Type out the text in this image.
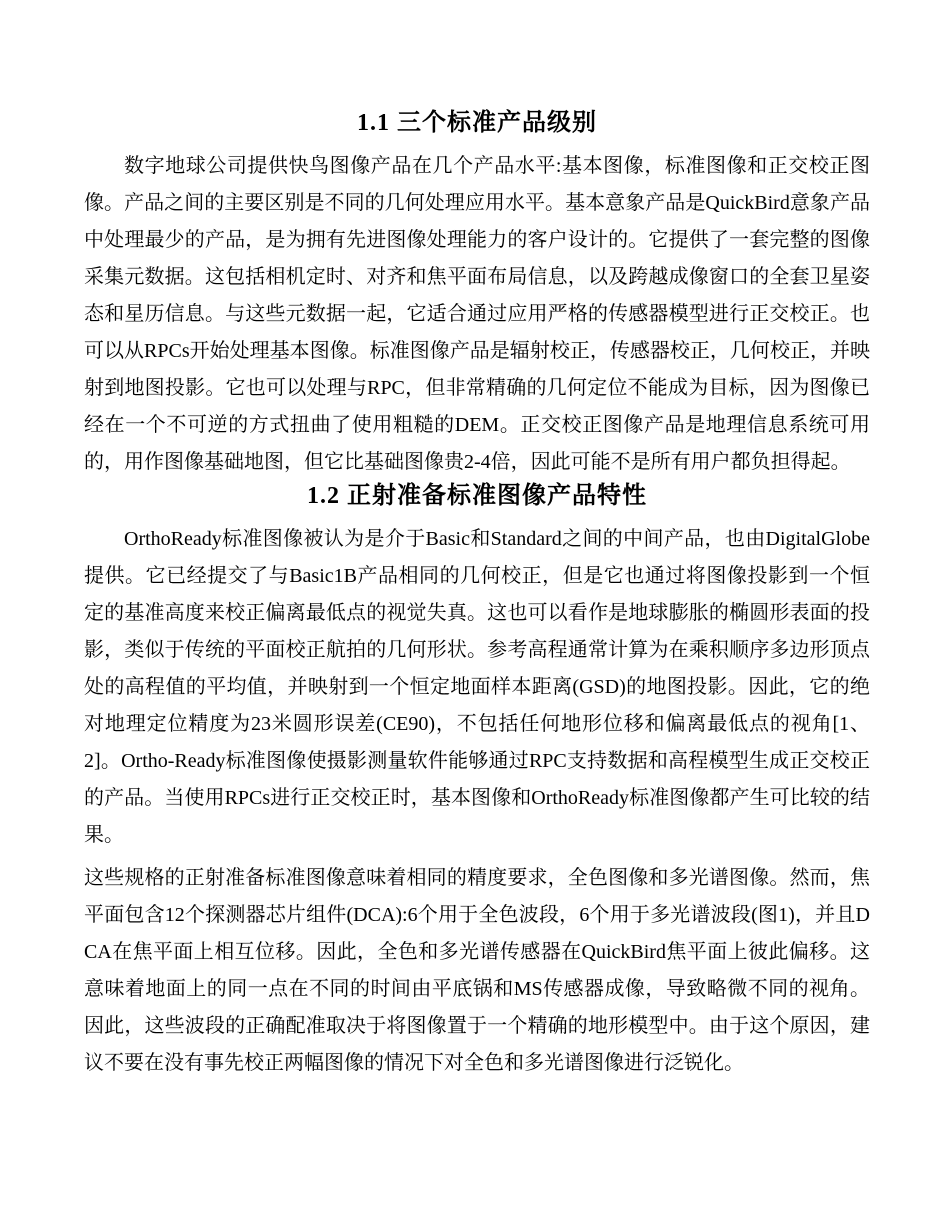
1.1 三个标准产品级别

数字地球公司提供快鸟图像产品在几个产品水平:基本图像，标准图像和正交校正图像。产品之间的主要区别是不同的几何处理应用水平。基本意象产品是QuickBird意象产品中处理最少的产品，是为拥有先进图像处理能力的客户设计的。它提供了一套完整的图像采集元数据。这包括相机定时、对齐和焦平面布局信息，以及跨越成像窗口的全套卫星姿态和星历信息。与这些元数据一起，它适合通过应用严格的传感器模型进行正交校正。也可以从RPCs开始处理基本图像。标准图像产品是辐射校正，传感器校正，几何校正，并映射到地图投影。它也可以处理与RPC，但非常精确的几何定位不能成为目标，因为图像已经在一个不可逆的方式扭曲了使用粗糙的DEM。正交校正图像产品是地理信息系统可用的，用作图像基础地图，但它比基础图像贵2-4倍，因此可能不是所有用户都负担得起。

1.2 正射准备标准图像产品特性

OrthoReady标准图像被认为是介于Basic和Standard之间的中间产品，也由DigitalGlobe提供。它已经提交了与Basic1B产品相同的几何校正，但是它也通过将图像投影到一个恒定的基准高度来校正偏离最低点的视觉失真。这也可以看作是地球膨胀的椭圆形表面的投影，类似于传统的平面校正航拍的几何形状。参考高程通常计算为在乘积顺序多边形顶点处的高程值的平均值，并映射到一个恒定地面样本距离(GSD)的地图投影。因此，它的绝对地理定位精度为23米圆形误差(CE90)，不包括任何地形位移和偏离最低点的视角[1、2]。Ortho-Ready标准图像使摄影测量软件能够通过RPC支持数据和高程模型生成正交校正的产品。当使用RPCs进行正交校正时，基本图像和OrthoReady标准图像都产生可比较的结果。

这些规格的正射准备标准图像意味着相同的精度要求，全色图像和多光谱图像。然而，焦平面包含12个探测器芯片组件(DCA):6个用于全色波段，6个用于多光谱波段(图1)，并且DCA在焦平面上相互位移。因此，全色和多光谱传感器在QuickBird焦平面上彼此偏移。这意味着地面上的同一点在不同的时间由平底锅和MS传感器成像，导致略微不同的视角。因此，这些波段的正确配准取决于将图像置于一个精确的地形模型中。由于这个原因，建议不要在没有事先校正两幅图像的情况下对全色和多光谱图像进行泛锐化。
